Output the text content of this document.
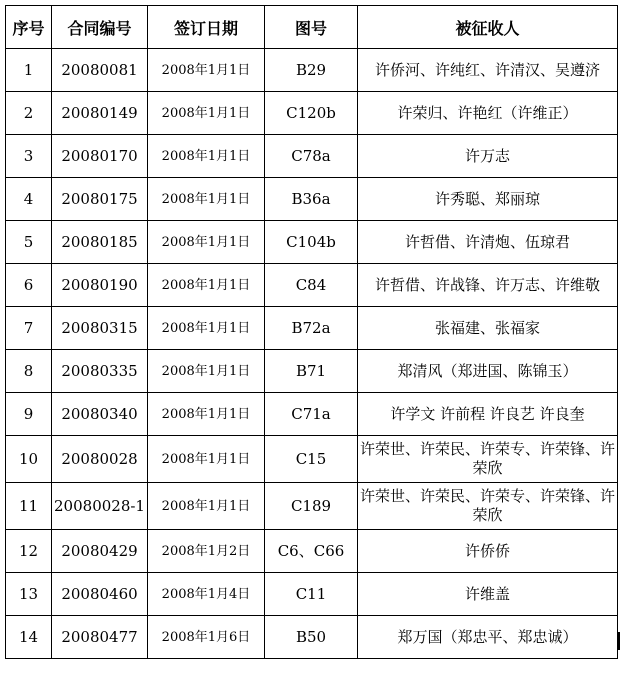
序号	合同编号	签订日期	图号	被征收人
1	20080081	2008年1月1日	B29	许侨河、许纯红、许清汉、吴遵济
2	20080149	2008年1月1日	C120b	许荣归、许艳红（许维正）
3	20080170	2008年1月1日	C78a	许万志
4	20080175	2008年1月1日	B36a	许秀聪、郑丽琼
5	20080185	2008年1月1日	C104b	许哲借、许清炮、伍琼君
6	20080190	2008年1月1日	C84	许哲借、许战锋、许万志、许维敬
7	20080315	2008年1月1日	B72a	张福建、张福家
8	20080335	2008年1月1日	B71	郑清风（郑进国、陈锦玉）
9	20080340	2008年1月1日	C71a	许学文 许前程 许良艺 许良奎
10	20080028	2008年1月1日	C15	许荣世、许荣民、许荣专、许荣锋、许荣欣
11	20080028-1	2008年1月1日	C189	许荣世、许荣民、许荣专、许荣锋、许荣欣
12	20080429	2008年1月2日	C6、C66	许侨侨
13	20080460	2008年1月4日	C11	许维盖
14	20080477	2008年1月6日	B50	郑万国（郑忠平、郑忠诚）
